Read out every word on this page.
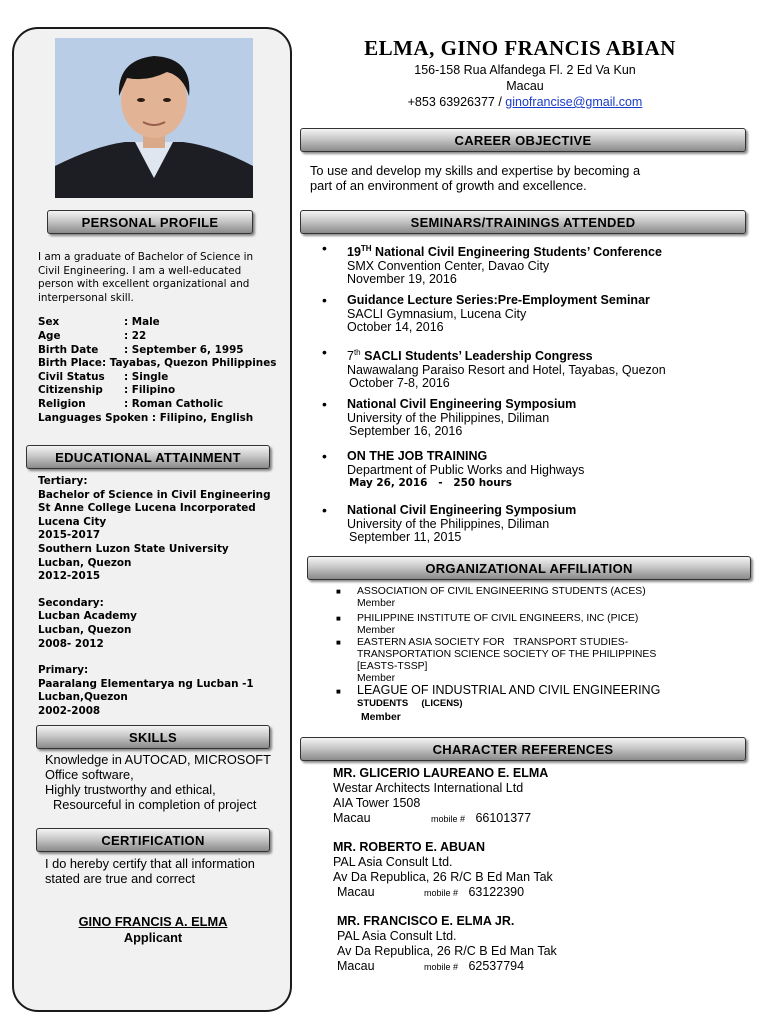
PERSONAL PROFILE
I am a graduate of Bachelor of Science in
Civil Engineering. I am a well-educated
person with excellent organizational and
interpersonal skill.
Sex	: Male
Age	: 22
Birth Date : September 6, 1995
Birth Place: Tayabas, Quezon Philippines
Civil Status : Single
Citizenship : Filipino
Religion	: Roman Catholic
Languages Spoken : Filipino, English
EDUCATIONAL ATTAINMENT
Tertiary:
Bachelor of Science in Civil Engineering
St Anne College Lucena Incorporated
Lucena City
2015-2017
Southern Luzon State University
Lucban, Quezon
2012-2015
Secondary:
Lucban Academy
Lucban, Quezon
2008- 2012
Primary:
Paaralang Elementarya ng Lucban -1
Lucban,Quezon
2002-2008
SKILLS
Knowledge in AUTOCAD, MICROSOFT
Office software,
Highly trustworthy and ethical,
Resourceful in completion of project
CERTIFICATION
I do hereby certify that all information
stated are true and correct
GINO FRANCIS A. ELMA
Applicant
ELMA, GINO FRANCIS ABIAN
156-158 Rua Alfandega Fl. 2 Ed Va Kun
Macau
+853 63926377 / ginofrancise@gmail.com
CAREER OBJECTIVE
To use and develop my skills and expertise by becoming a
part of an environment of growth and excellence.
SEMINARS/TRAININGS ATTENDED
• 19TH National Civil Engineering Students’ Conference
SMX Convention Center, Davao City
November 19, 2016
• Guidance Lecture Series:Pre-Employment Seminar
SACLI Gymnasium, Lucena City
October 14, 2016
• 7th SACLI Students’ Leadership Congress
Nawawalang Paraiso Resort and Hotel, Tayabas, Quezon
October 7-8, 2016
• National Civil Engineering Symposium
University of the Philippines, Diliman
September 16, 2016
• ON THE JOB TRAINING
Department of Public Works and Highways
May 26, 2016   -   250 hours
• National Civil Engineering Symposium
University of the Philippines, Diliman
September 11, 2015
ORGANIZATIONAL AFFILIATION
■	ASSOCIATION OF CIVIL ENGINEERING STUDENTS (ACES)
Member
■	PHILIPPINE INSTITUTE OF CIVIL ENGINEERS, INC (PICE)
Member
■	EASTERN ASIA SOCIETY FOR   TRANSPORT STUDIES-
TRANSPORTATION SCIENCE SOCIETY OF THE PHILIPPINES
[EASTS-TSSP]
Member
■	LEAGUE OF INDUSTRIAL AND CIVIL ENGINEERING
STUDENTS     (LICENS)
Member
CHARACTER REFERENCES
MR. GLICERIO LAUREANO E. ELMA
Westar Architects International Ltd
AIA Tower 1508
Macau	mobile # 66101377
MR. ROBERTO E. ABUAN
PAL Asia Consult Ltd.
Av Da Republica, 26 R/C B Ed Man Tak
Macau	mobile # 63122390
MR. FRANCISCO E. ELMA JR.
PAL Asia Consult Ltd.
Av Da Republica, 26 R/C B Ed Man Tak
Macau	mobile # 62537794
